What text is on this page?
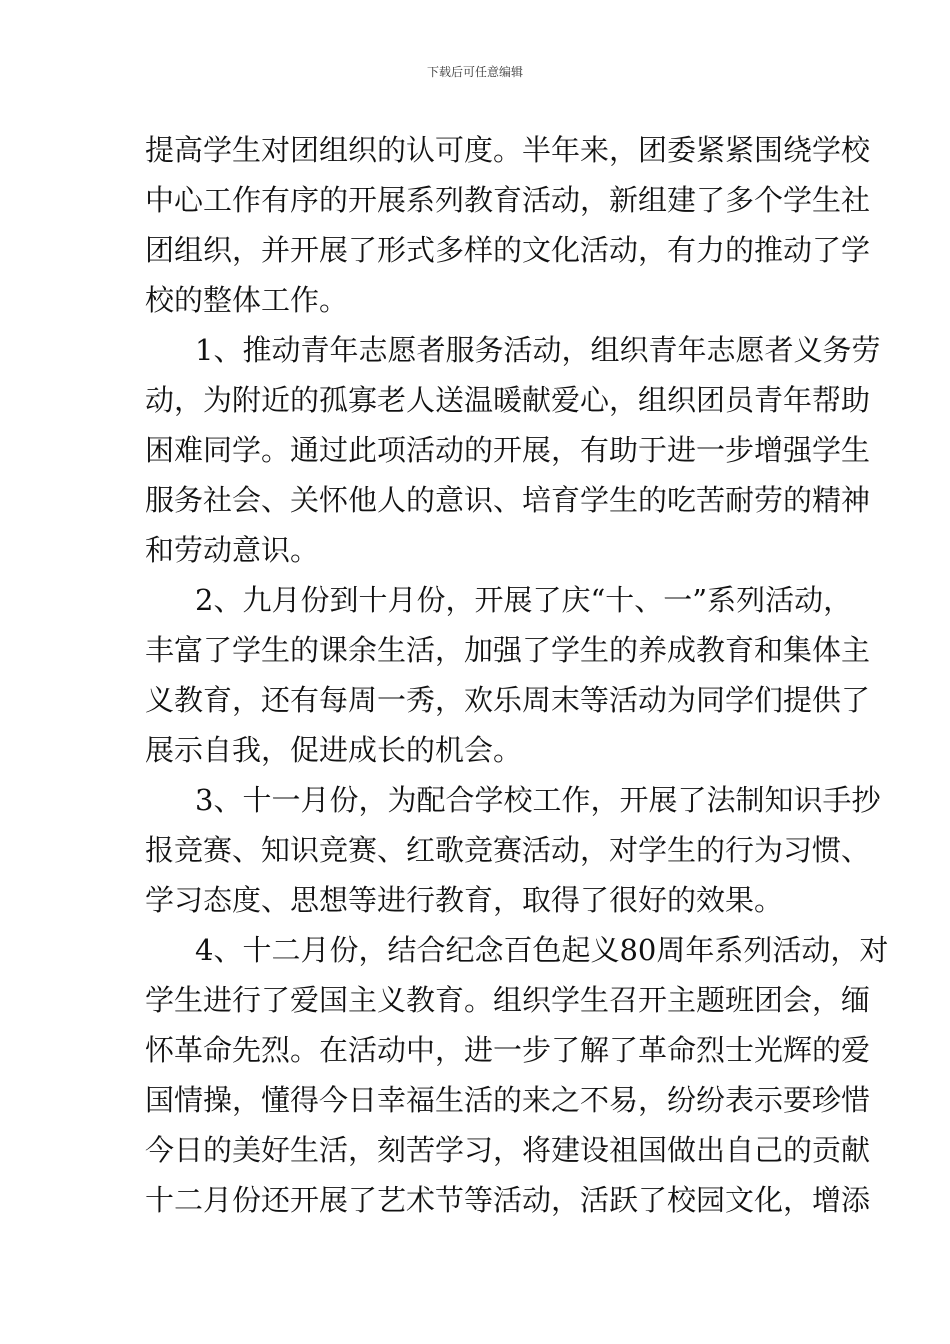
下载后可任意编辑
提高学生对团组织的认可度。半年来，团委紧紧围绕学校
中心工作有序的开展系列教育活动，新组建了多个学生社
团组织，并开展了形式多样的文化活动，有力的推动了学
校的整体工作。
1、推动青年志愿者服务活动，组织青年志愿者义务劳
动，为附近的孤寡老人送温暖献爱心，组织团员青年帮助
困难同学。通过此项活动的开展，有助于进一步增强学生
服务社会、关怀他人的意识、培育学生的吃苦耐劳的精神
和劳动意识。
2、九月份到十月份，开展了庆“十、一”系列活动，
丰富了学生的课余生活，加强了学生的养成教育和集体主
义教育，还有每周一秀，欢乐周末等活动为同学们提供了
展示自我，促进成长的机会。
3、十一月份，为配合学校工作，开展了法制知识手抄
报竞赛、知识竞赛、红歌竞赛活动，对学生的行为习惯、
学习态度、思想等进行教育，取得了很好的效果。
4、十二月份，结合纪念百色起义80周年系列活动，对
学生进行了爱国主义教育。组织学生召开主题班团会，缅
怀革命先烈。在活动中，进一步了解了革命烈士光辉的爱
国情操，懂得今日幸福生活的来之不易，纷纷表示要珍惜
今日的美好生活，刻苦学习，将建设祖国做出自己的贡献
十二月份还开展了艺术节等活动，活跃了校园文化，增添
